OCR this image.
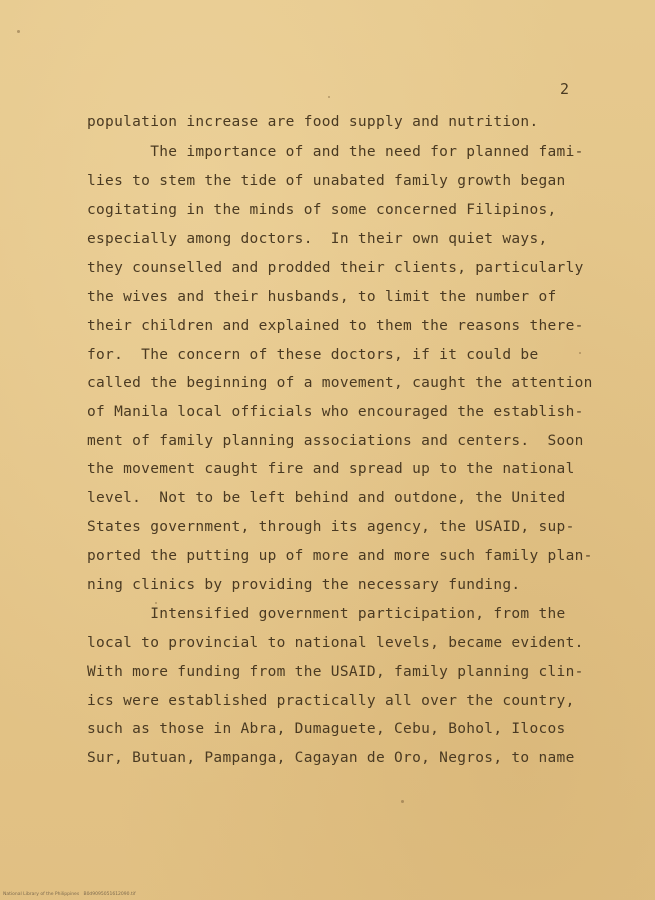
2

population increase are food supply and nutrition.

The importance of and the need for planned fami-

lies to stem the tide of unabated family growth began

cogitating in the minds of some concerned Filipinos,

especially among doctors.  In their own quiet ways,

they counselled and prodded their clients, particularly

the wives and their husbands, to limit the number of

their children and explained to them the reasons there-

for.  The concern of these doctors, if it could be

called the beginning of a movement, caught the attention

of Manila local officials who encouraged the establish-

ment of family planning associations and centers.  Soon

the movement caught fire and spread up to the national

level.  Not to be left behind and outdone, the United

States government, through its agency, the USAID, sup-

ported the putting up of more and more such family plan-

ning clinics by providing the necessary funding.

Intensified government participation, from the

local to provincial to national levels, became evident.

With more funding from the USAID, family planning clin-

ics were established practically all over the country,

such as those in Abra, Dumaguete, Cebu, Bohol, Ilocos

Sur, Butuan, Pampanga, Cagayan de Oro, Negros, to name

National Library of the Philippines B0d9095051612090.tif
